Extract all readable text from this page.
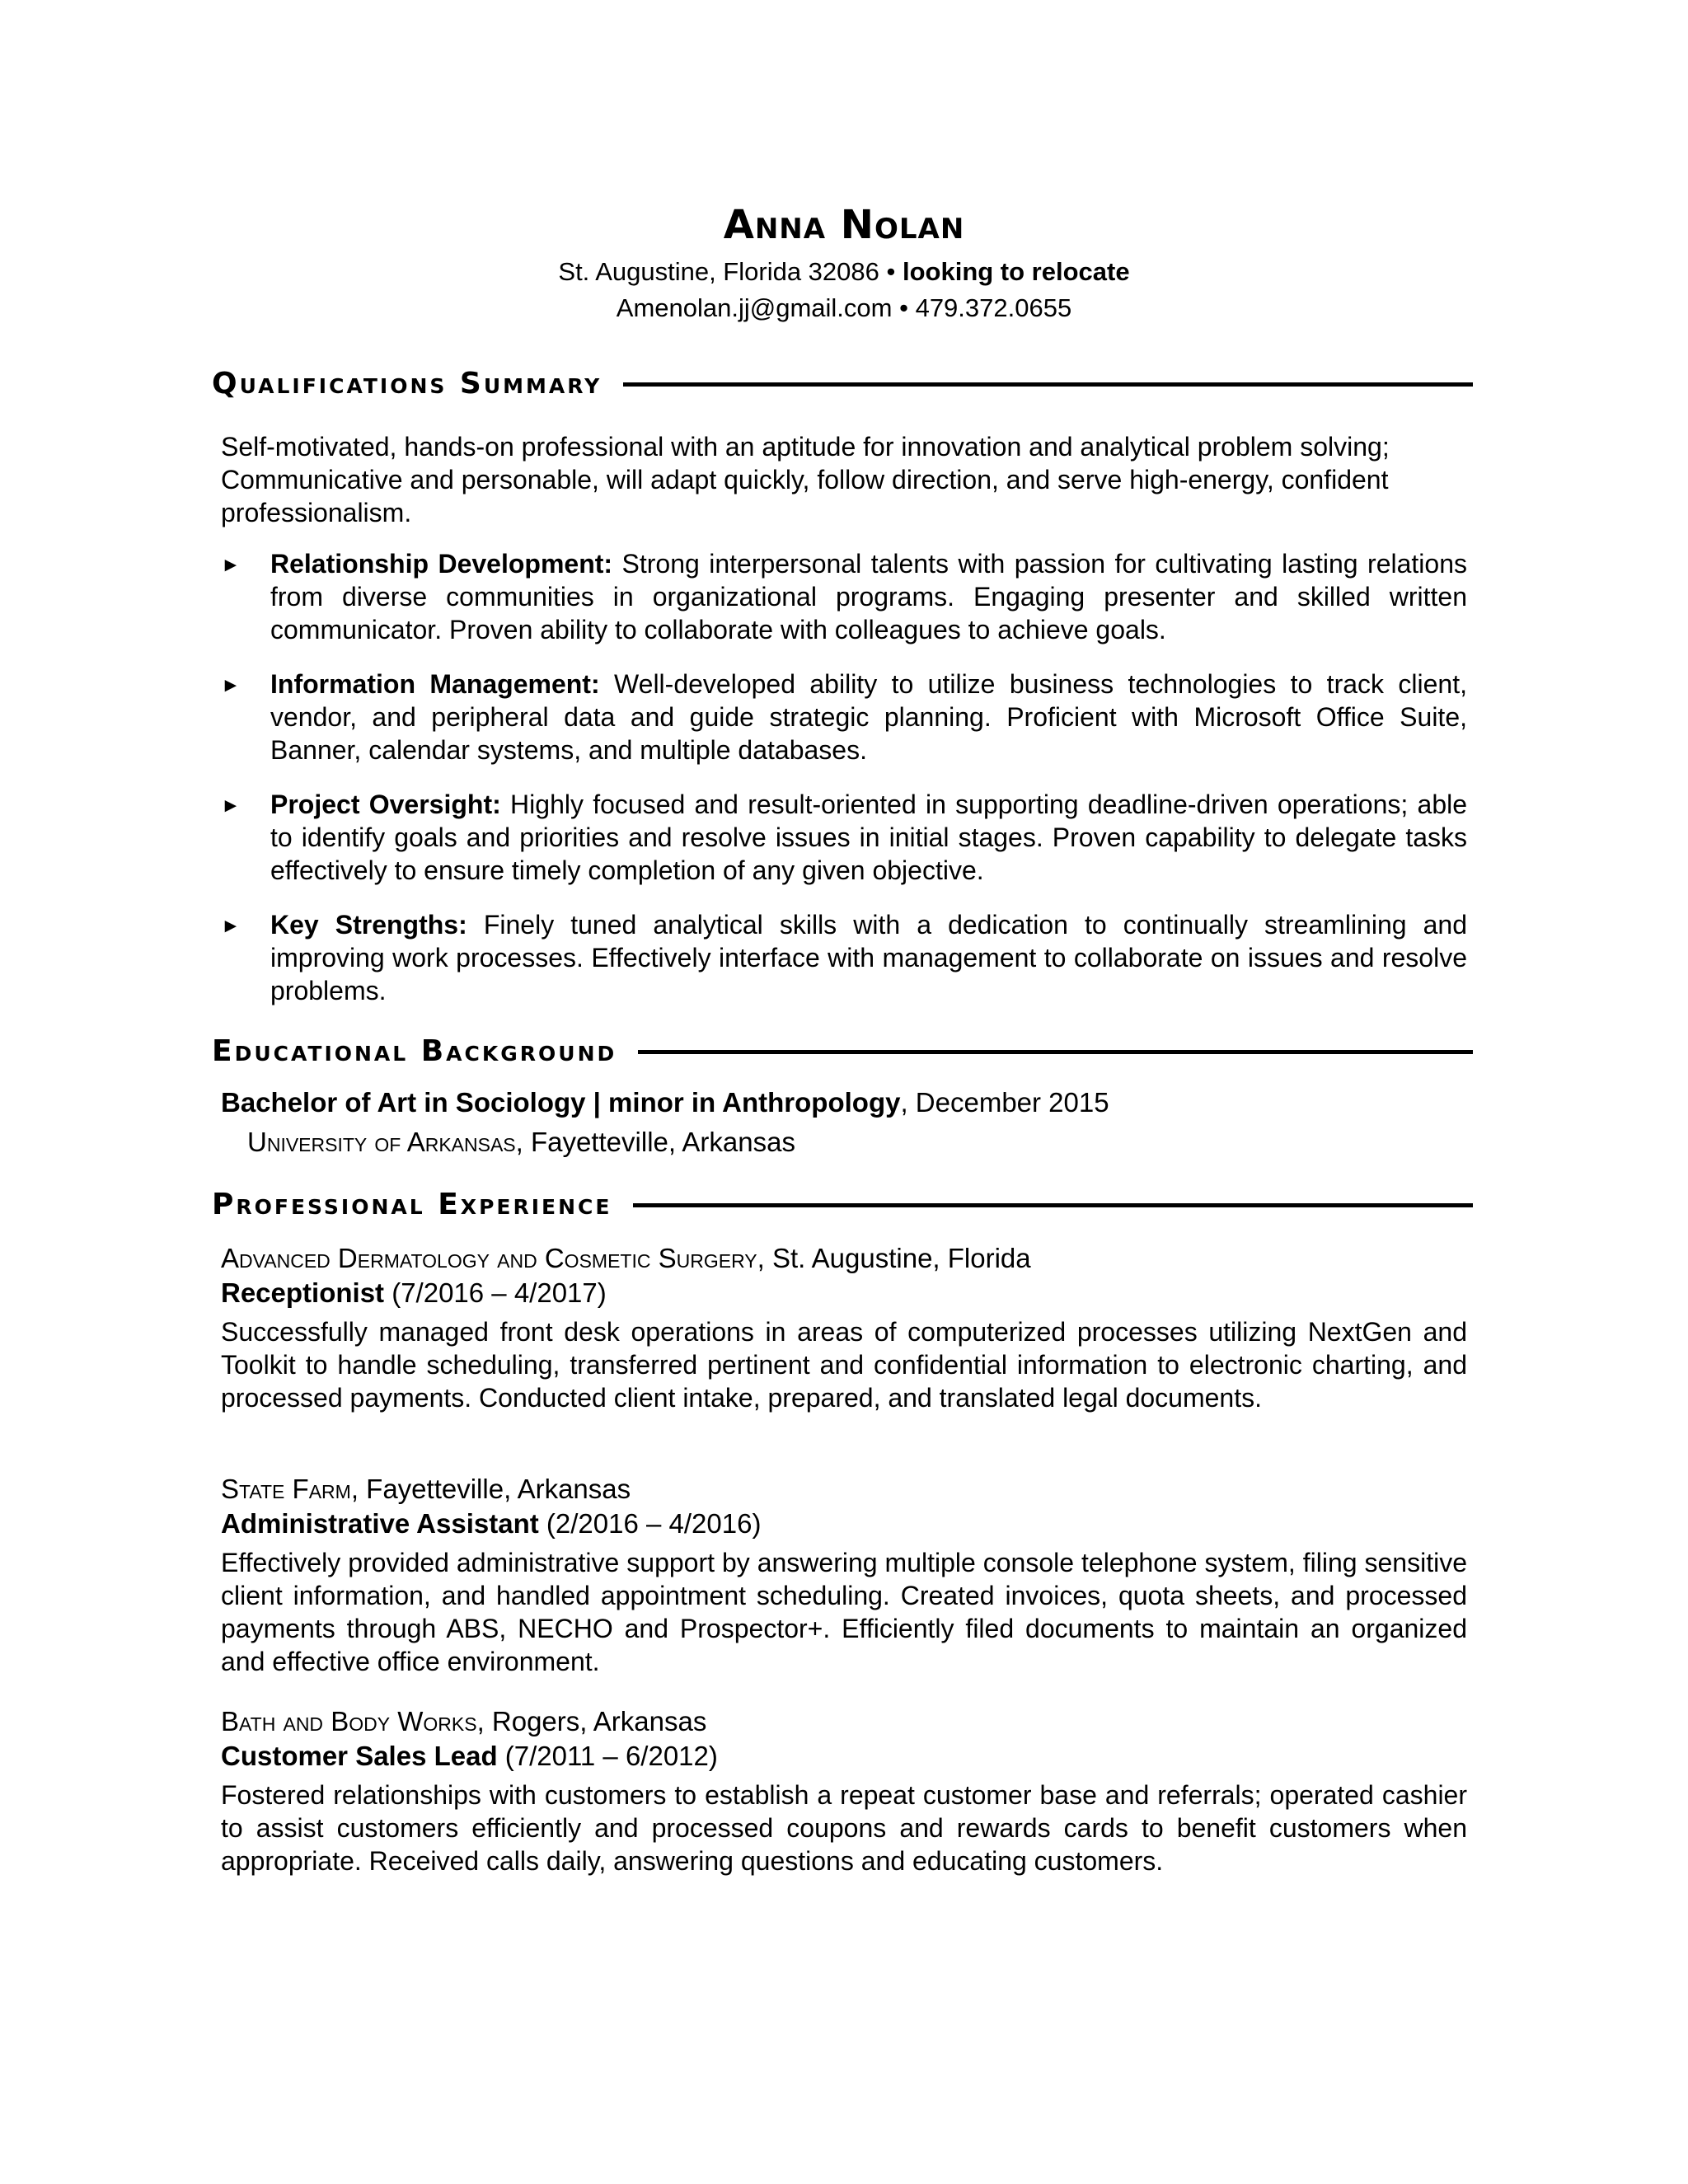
Anna Nolan
St. Augustine, Florida 32086 • looking to relocate
Amenolan.jj@gmail.com • 479.372.0655
Qualifications Summary
Self-motivated, hands-on professional with an aptitude for innovation and analytical problem solving; Communicative and personable, will adapt quickly, follow direction, and serve high-energy, confident professionalism.
► Relationship Development: Strong interpersonal talents with passion for cultivating lasting relations from diverse communities in organizational programs. Engaging presenter and skilled written communicator. Proven ability to collaborate with colleagues to achieve goals.
► Information Management: Well-developed ability to utilize business technologies to track client, vendor, and peripheral data and guide strategic planning. Proficient with Microsoft Office Suite, Banner, calendar systems, and multiple databases.
► Project Oversight: Highly focused and result-oriented in supporting deadline-driven operations; able to identify goals and priorities and resolve issues in initial stages. Proven capability to delegate tasks effectively to ensure timely completion of any given objective.
► Key Strengths: Finely tuned analytical skills with a dedication to continually streamlining and improving work processes. Effectively interface with management to collaborate on issues and resolve problems.
Educational Background
Bachelor of Art in Sociology | minor in Anthropology, December 2015
University of Arkansas, Fayetteville, Arkansas
Professional Experience
Advanced Dermatology and Cosmetic Surgery, St. Augustine, Florida
Receptionist (7/2016 – 4/2017)
Successfully managed front desk operations in areas of computerized processes utilizing NextGen and Toolkit to handle scheduling, transferred pertinent and confidential information to electronic charting, and processed payments. Conducted client intake, prepared, and translated legal documents.
State Farm, Fayetteville, Arkansas
Administrative Assistant (2/2016 – 4/2016)
Effectively provided administrative support by answering multiple console telephone system, filing sensitive client information, and handled appointment scheduling. Created invoices, quota sheets, and processed payments through ABS, NECHO and Prospector+. Efficiently filed documents to maintain an organized and effective office environment.
Bath and Body Works, Rogers, Arkansas
Customer Sales Lead (7/2011 – 6/2012)
Fostered relationships with customers to establish a repeat customer base and referrals; operated cashier to assist customers efficiently and processed coupons and rewards cards to benefit customers when appropriate. Received calls daily, answering questions and educating customers.
